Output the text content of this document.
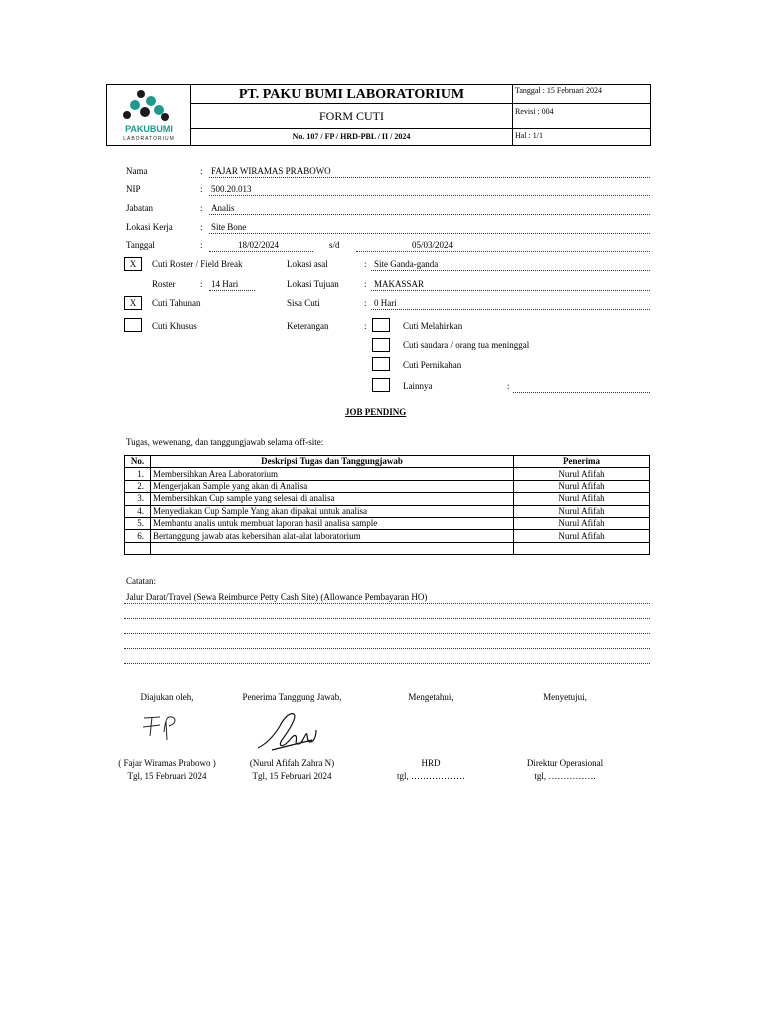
PAKUBUMI
LABORATORIUM
PT. PAKU BUMI LABORATORIUM
FORM CUTI
No. 107 / FP / HRD-PBL / II / 2024
Tanggal : 15 Februari 2024
Revisi : 004
Hal : 1/1
Nama	: FAJAR WIRAMAS PRABOWO
NIP	: 500.20.013
Jabatan	: Analis
Lokasi Kerja	: Site Bone
Tanggal	:	18/02/2024	s/d	05/03/2024
X	Cuti Roster / Field Break	Lokasi asal	: Site Ganda-ganda
Roster	: 14 Hari	Lokasi Tujuan	: MAKASSAR
X	Cuti Tahunan	Sisa Cuti	: 0 Hari
Cuti Khusus	Keterangan	:	Cuti Melahirkan
Cuti saudara / orang tua meninggal
Cuti Pernikahan
Lainnya	:
JOB PENDING
Tugas, wewenang, dan tanggungjawab selama off-site:
No.	Deskripsi Tugas dan Tanggungjawab	Penerima
1.	Membersihkan Area Laboratorium	Nurul Afifah
2.	Mengerjakan Sample yang akan di Analisa	Nurul Afifah
3.	Membersihkan Cup sample yang selesai di analisa	Nurul Afifah
4.	Menyediakan Cup Sample Yang akan dipakai untuk analisa	Nurul Afifah
5.	Membantu analis untuk membuat laporan hasil analisa sample	Nurul Afifah
6.	Bertanggung jawab atas kebersihan alat-alat laboratorium	Nurul Afifah

Catatan:
Jalur Darat/Travel (Sewa Reimburce Petty Cash Site) (Allowance Pembayaran HO)
Diajukan oleh,	Penerima Tanggung Jawab,	Mengetahui,	Menyetujui,
( Fajar Wiramas Prabowo )	(Nurul Afifah Zahra N)	HRD	Direktur Operasional
Tgl, 15 Februari 2024	Tgl, 15 Februari 2024	tgl, ………………	tgl, …………….
